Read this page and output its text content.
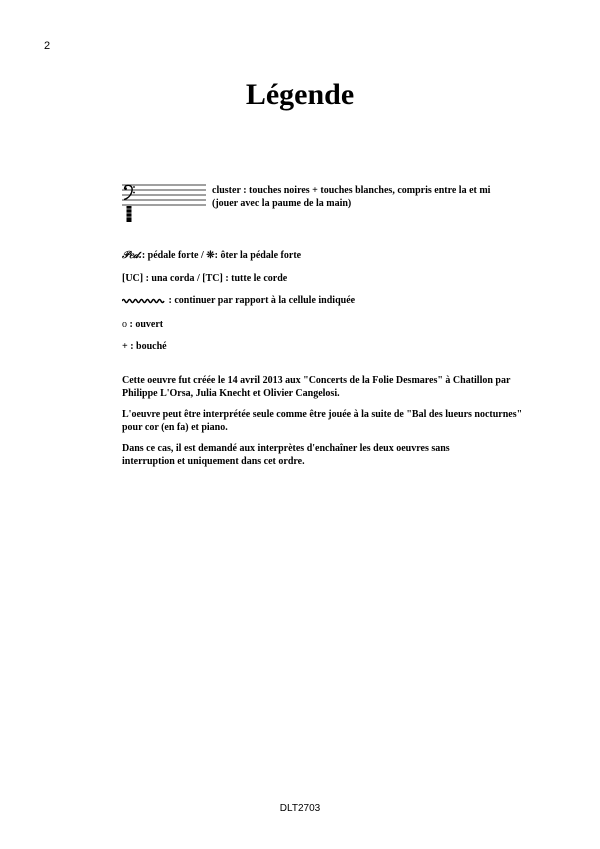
2
Légende
cluster : touches noires + touches blanches, compris entre la et mi
(jouer avec la paume de la main)
𝒫𝑒𝒹.: pédale forte / ❊: ôter la pédale forte
[UC] : una corda / [TC] : tutte le corde
: continuer par rapport à la cellule indiquée
o : ouvert
+ : bouché
Cette oeuvre fut créée le 14 avril 2013 aux "Concerts de la Folie Desmares" à Chatillon par Philippe L'Orsa, Julia Knecht et Olivier Cangelosi.
L'oeuvre peut être interprétée seule comme être jouée à la suite de "Bal des lueurs nocturnes" pour cor (en fa) et piano.
Dans ce cas, il est demandé aux interprètes d'enchaîner les deux oeuvres sans interruption et uniquement dans cet ordre.
DLT2703
